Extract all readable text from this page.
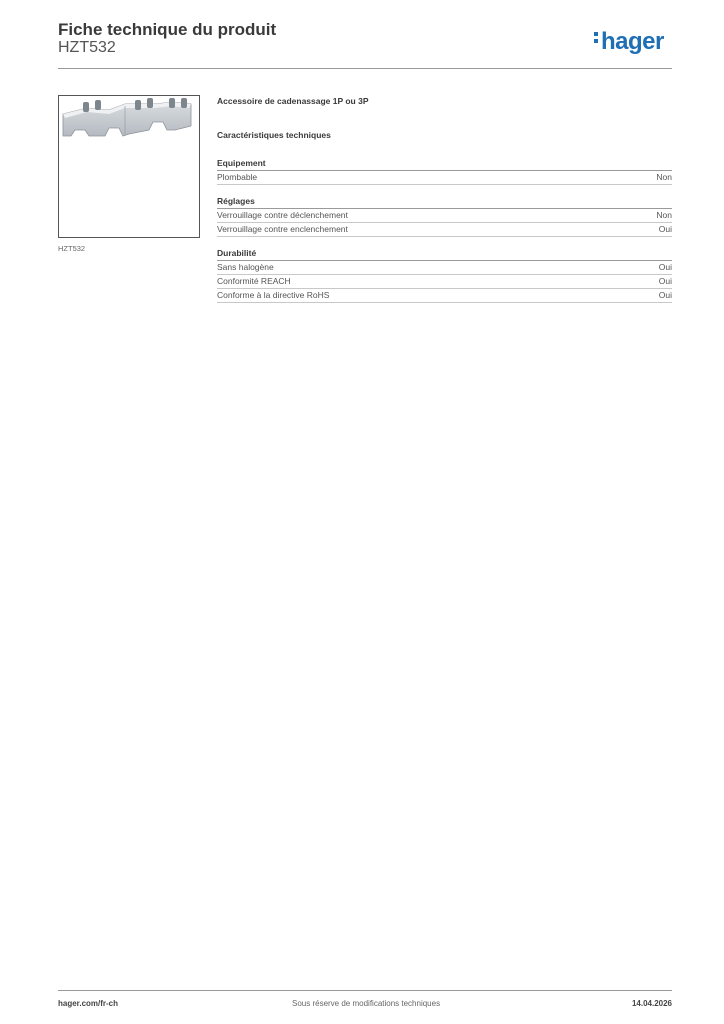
Fiche technique du produit
HZT532	hager
HZT532
Accessoire de cadenassage 1P ou 3P
Caractéristiques techniques
Equipement
Plombable	Non
Réglages
Verrouillage contre déclenchement	Non
Verrouillage contre enclenchement	Oui
Durabilité
Sans halogène	Oui
Conformité REACH	Oui
Conforme à la directive RoHS	Oui
hager.com/fr-ch	Sous réserve de modifications techniques	14.04.2026
